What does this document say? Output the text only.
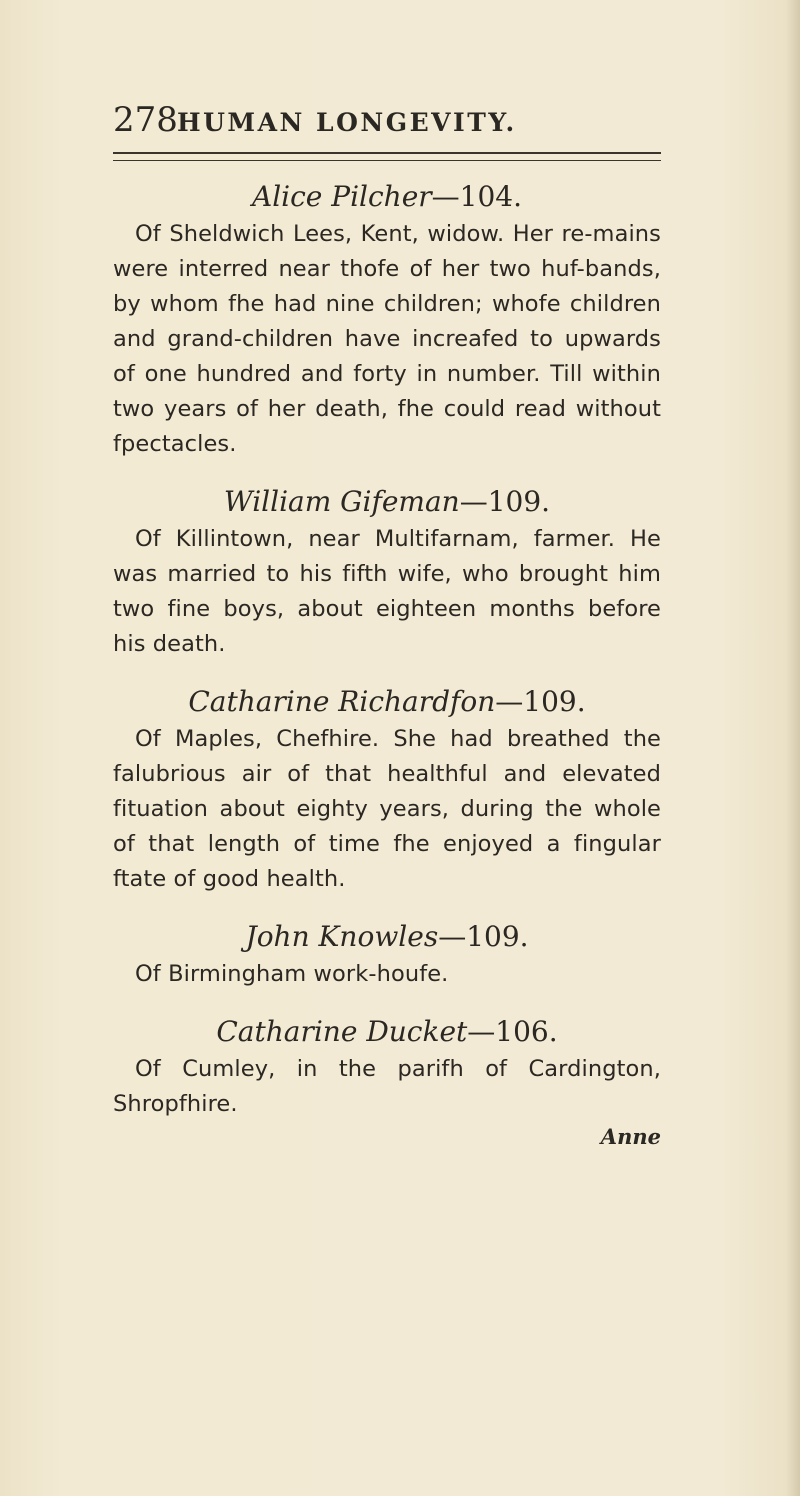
278 HUMAN LONGEVITY.

Alice Pilcher—104.

Of Sheldwich Lees, Kent, widow. Her re-mains were interred near thofe of her two huf-bands, by whom fhe had nine children; whofe children and grand-children have increafed to upwards of one hundred and forty in number. Till within two years of her death, fhe could read without fpectacles.

William Gifeman—109.

Of Killintown, near Multifarnam, farmer. He was married to his fifth wife, who brought him two fine boys, about eighteen months before his death.

Catharine Richardfon—109.

Of Maples, Chefhire. She had breathed the falubrious air of that healthful and elevated fituation about eighty years, during the whole of that length of time fhe enjoyed a fingular ftate of good health.

John Knowles—109.

Of Birmingham work-houfe.

Catharine Ducket—106.

Of Cumley, in the parifh of Cardington, Shropfhire.

Anne
